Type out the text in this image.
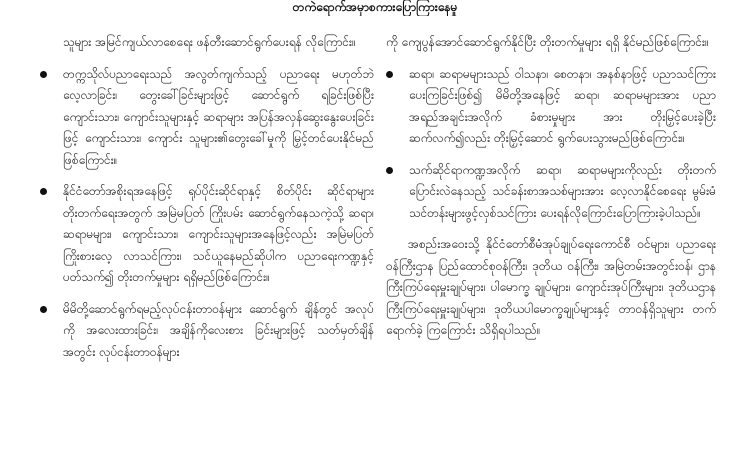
တကဲရောက်အမှာစကားပြောကြားနေမှု

သူများ အမြင်ကျယ်လာစေရေး ဖန်တီးဆောင်ရွက်ပေးရန် လိုကြောင်း။

တက္ကသိုလ်ပညာရေးသည် အလွတ်ကျက်သည့် ပညာရေး မဟုတ်ဘဲ လေ့လာခြင်း၊ တွေးခေါ်ခြင်းများဖြင့် ဆောင်ရွက် ရခြင်းဖြစ်ပြီး ကျောင်းသား၊ ကျောင်းသူများနှင့် ဆရာများ အပြန်အလှန်ဆွေးနွေးပေးခြင်းဖြင့် ကျောင်းသား၊ ကျောင်း သူများ၏တွေးခေါ်မှုကို မြှင့်တင်ပေးနိုင်မည်ဖြစ်ကြောင်း။
နိုင်ငံတော်အစိုးရအနေဖြင့် ရုပ်ပိုင်းဆိုင်ရာနှင့် စိတ်ပိုင်း ဆိုင်ရာများ တိုးတက်ရေးအတွက် အမြဲမပြတ် ကြိုးပမ်း ဆောင်ရွက်နေသကဲ့သို့ ဆရာ၊ ဆရာမများ၊ ကျောင်းသား၊ ကျောင်းသူများအနေဖြင့်လည်း အမြဲမပြတ် ကြိုးစားလေ့ လာသင်ကြား၊ သင်ယူနေမည်ဆိုပါက ပညာရေးကဏ္ဍနှင့် ပတ်သက်၍ တိုးတက်မှုများ ရရှိမည်ဖြစ်ကြောင်း။
မိမိတို့ဆောင်ရွက်ရမည့်လုပ်ငန်းတာဝန်များ ဆောင်ရွက် ချိန်တွင် အလုပ်ကို အလေးထားခြင်း၊ အချိန်ကိုလေးစား ခြင်းများဖြင့် သတ်မှတ်ချိန်အတွင်း လုပ်ငန်းတာဝန်များ

ကို ကျေပွန်အောင်ဆောင်ရွက်နိုင်ပြီး တိုးတက်မှုများ ရရှိ နိုင်မည်ဖြစ်ကြောင်း။

ဆရာ၊ ဆရာမများသည် ဝါသနာ၊ စေတနာ၊ အနစ်နာဖြင့် ပညာသင်ကြားပေးကြခြင်းဖြစ်၍ မိမိတို့အနေဖြင့် ဆရာ၊ ဆရာမများအား ပညာအရည်အချင်းအလိုက် ခံစားမှုများ အား တိုးမြှင့်ပေးခဲ့ပြီး ဆက်လက်၍လည်း တိုးမြှင့်ဆောင် ရွက်ပေးသွားမည်ဖြစ်ကြောင်း။
သက်ဆိုင်ရာကဏ္ဍအလိုက် ဆရာ၊ ဆရာမများကိုလည်း တိုးတက်ပြောင်းလဲနေသည့် သင်ခန်းစာအသစ်များအား လေ့လာနိုင်စေရေး မွမ်းမံသင်တန်းများဖွင့်လှစ်သင်ကြား ပေးရန်လိုကြောင်းပြောကြားခဲ့ပါသည်။

အစည်းအဝေးသို့ နိုင်ငံတော်စီမံအုပ်ချုပ်ရေးကောင်စီ ဝင်များ၊ ပညာရေးဝန်ကြီးဌာန ပြည်ထောင်စုဝန်ကြီး၊ ဒုတိယ ဝန်ကြီး၊ အမြဲတမ်းအတွင်းဝန်၊ ဌာနကြီးကြပ်ရေးမှူးချုပ်များ၊ ပါမောက္ခ ချုပ်များ၊ ကျောင်းအုပ်ကြီးများ၊ ဒုတိယဌာနကြီးကြပ်ရေးမှူးချုပ်များ၊ ဒုတိယပါမောက္ခချုပ်များနှင့် တာဝန်ရှိသူများ တက်ရောက်ခဲ့ ကြကြောင်း သိရှိရပါသည်။
